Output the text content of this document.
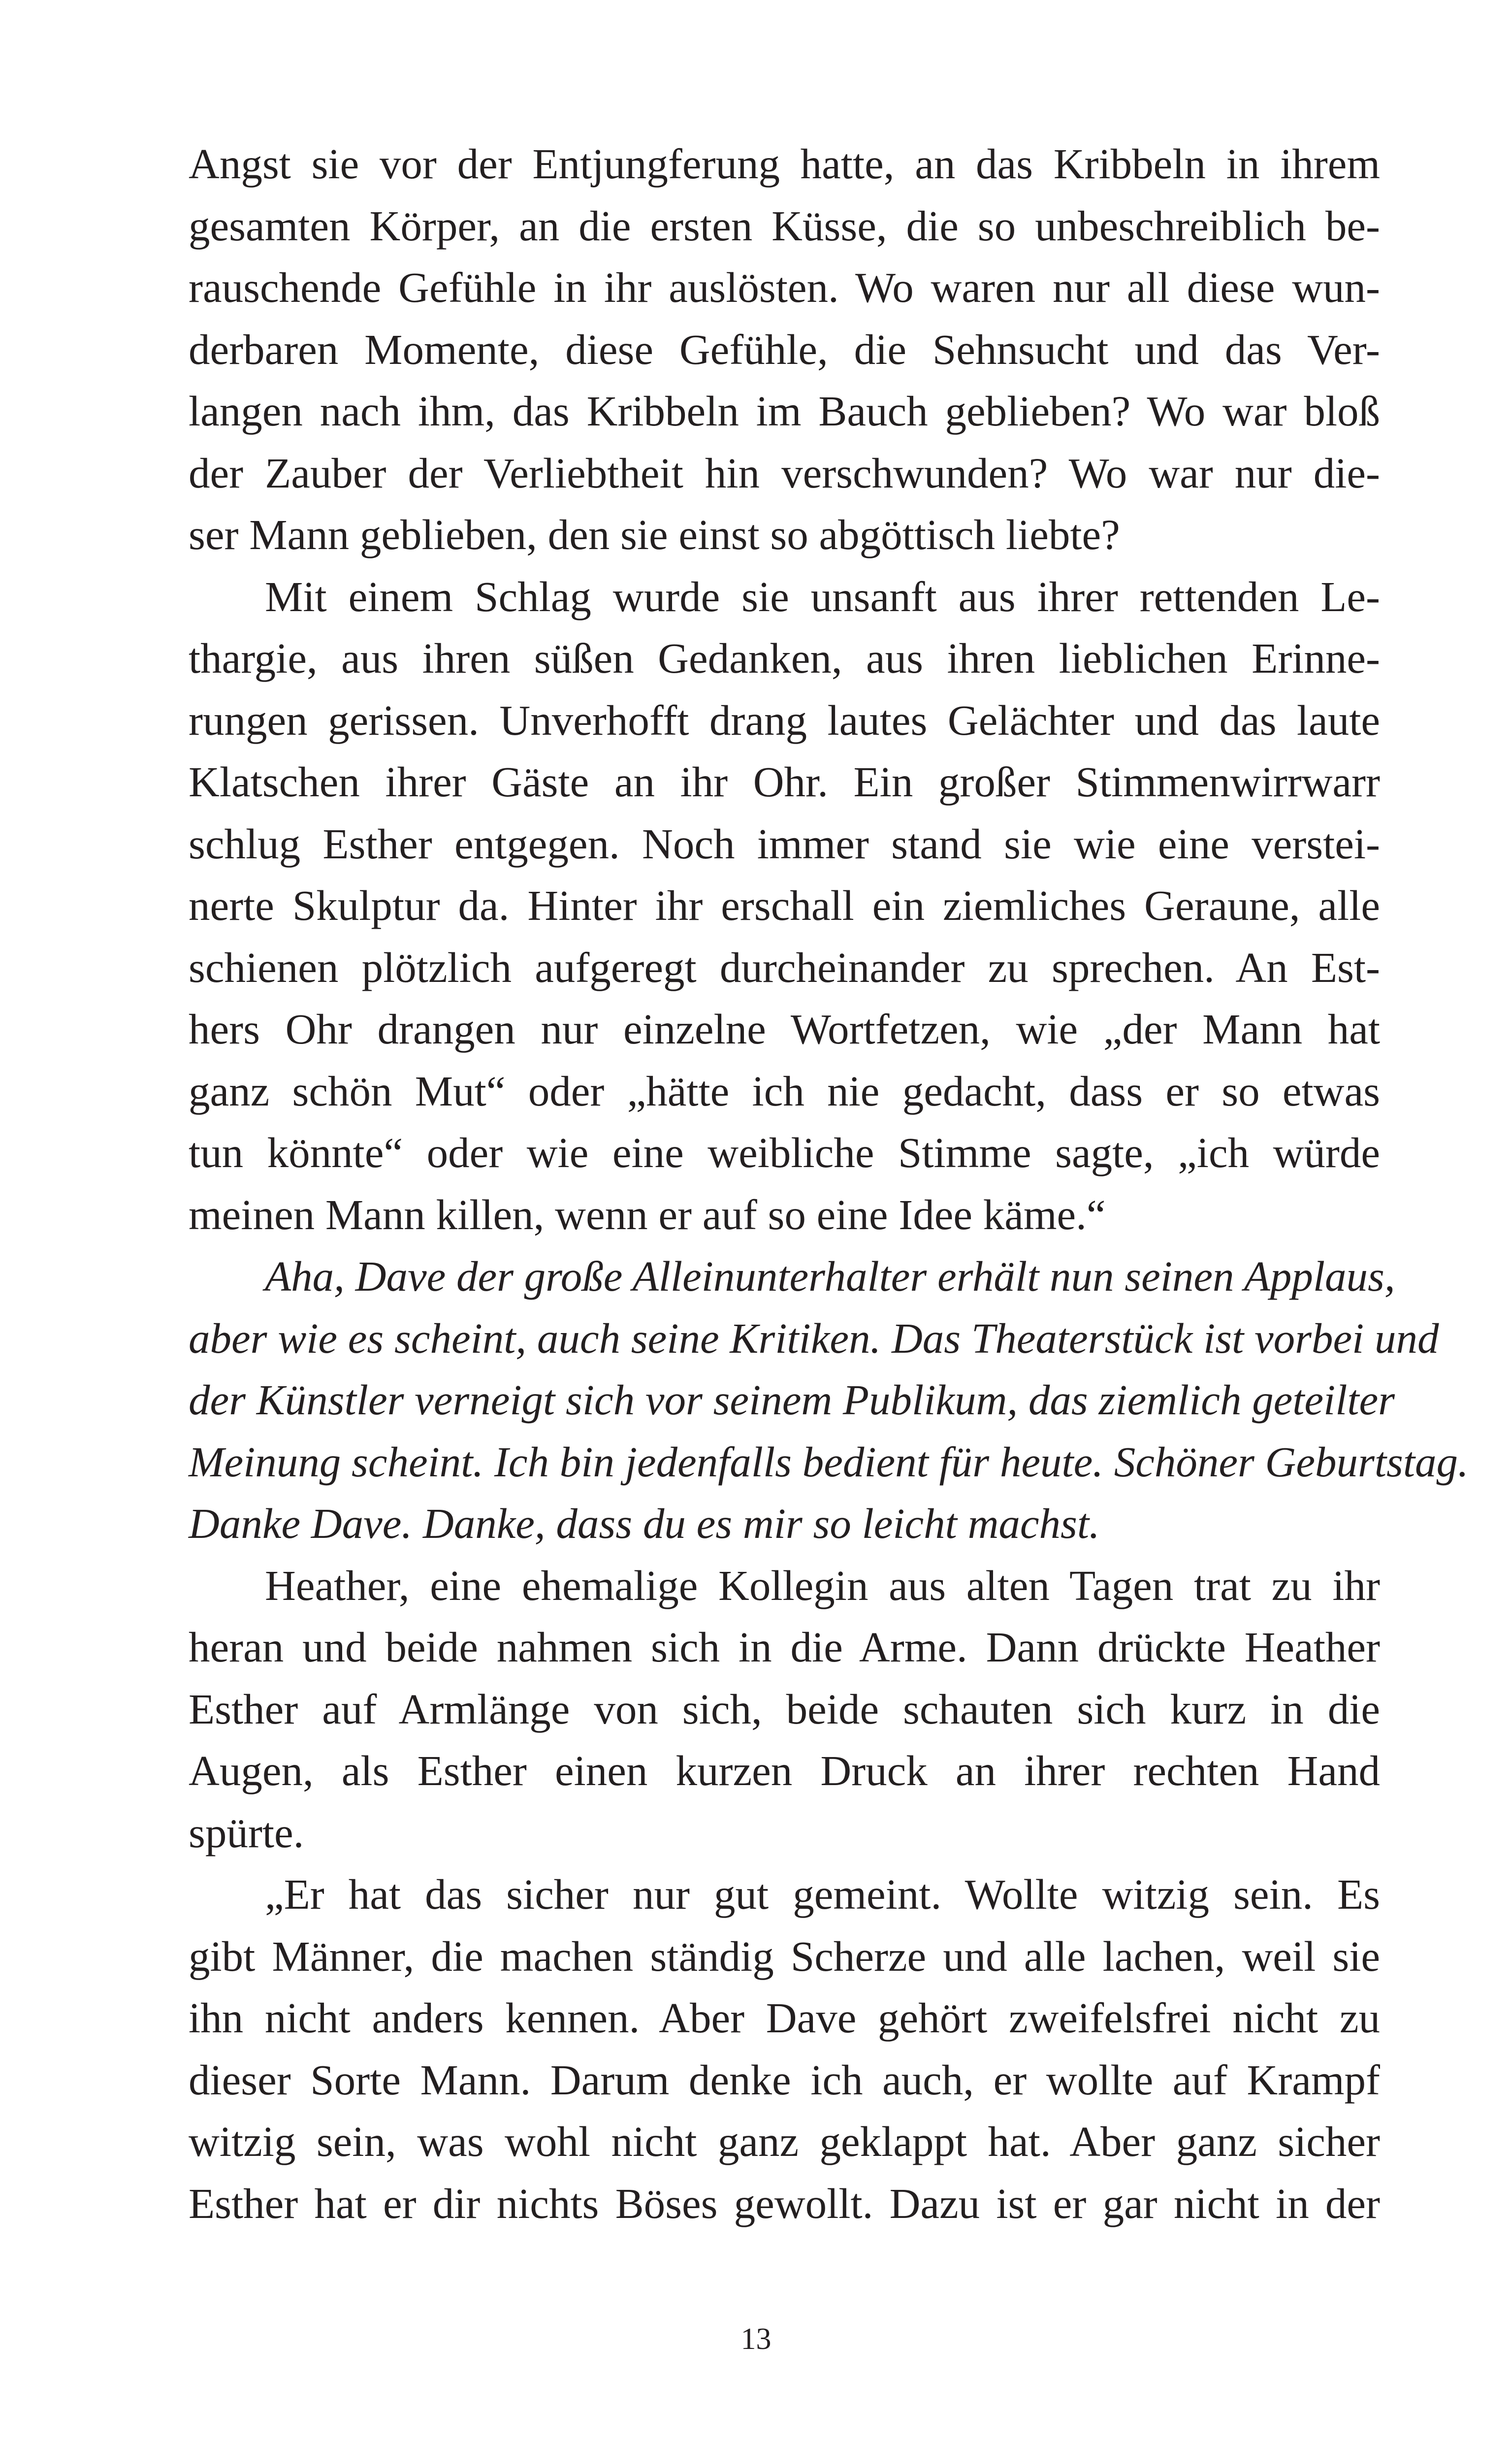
Angst sie vor der Entjungferung hatte, an das Kribbeln in ihrem
gesamten Körper, an die ersten Küsse, die so unbeschreiblich be-
rauschende Gefühle in ihr auslösten. Wo waren nur all diese wun-
derbaren Momente, diese Gefühle, die Sehnsucht und das Ver-
langen nach ihm, das Kribbeln im Bauch geblieben? Wo war bloß
der Zauber der Verliebtheit hin verschwunden? Wo war nur die-
ser Mann geblieben, den sie einst so abgöttisch liebte?
Mit einem Schlag wurde sie unsanft aus ihrer rettenden Le-
thargie, aus ihren süßen Gedanken, aus ihren lieblichen Erinne-
rungen gerissen. Unverhofft drang lautes Gelächter und das laute
Klatschen ihrer Gäste an ihr Ohr. Ein großer Stimmenwirrwarr
schlug Esther entgegen. Noch immer stand sie wie eine verstei-
nerte Skulptur da. Hinter ihr erschall ein ziemliches Geraune, alle
schienen plötzlich aufgeregt durcheinander zu sprechen. An Est-
hers Ohr drangen nur einzelne Wortfetzen, wie „der Mann hat
ganz schön Mut“ oder „hätte ich nie gedacht, dass er so etwas
tun könnte“ oder wie eine weibliche Stimme sagte, „ich würde
meinen Mann killen, wenn er auf so eine Idee käme.“
Aha, Dave der große Alleinunterhalter erhält nun seinen Applaus,
aber wie es scheint, auch seine Kritiken. Das Theaterstück ist vorbei und
der Künstler verneigt sich vor seinem Publikum, das ziemlich geteilter
Meinung scheint. Ich bin jedenfalls bedient für heute. Schöner Geburtstag.
Danke Dave. Danke, dass du es mir so leicht machst.
Heather, eine ehemalige Kollegin aus alten Tagen trat zu ihr
heran und beide nahmen sich in die Arme. Dann drückte Heather
Esther auf Armlänge von sich, beide schauten sich kurz in die
Augen, als Esther einen kurzen Druck an ihrer rechten Hand
spürte.
„Er hat das sicher nur gut gemeint. Wollte witzig sein. Es
gibt Männer, die machen ständig Scherze und alle lachen, weil sie
ihn nicht anders kennen. Aber Dave gehört zweifelsfrei nicht zu
dieser Sorte Mann. Darum denke ich auch, er wollte auf Krampf
witzig sein, was wohl nicht ganz geklappt hat. Aber ganz sicher
Esther hat er dir nichts Böses gewollt. Dazu ist er gar nicht in der
13
